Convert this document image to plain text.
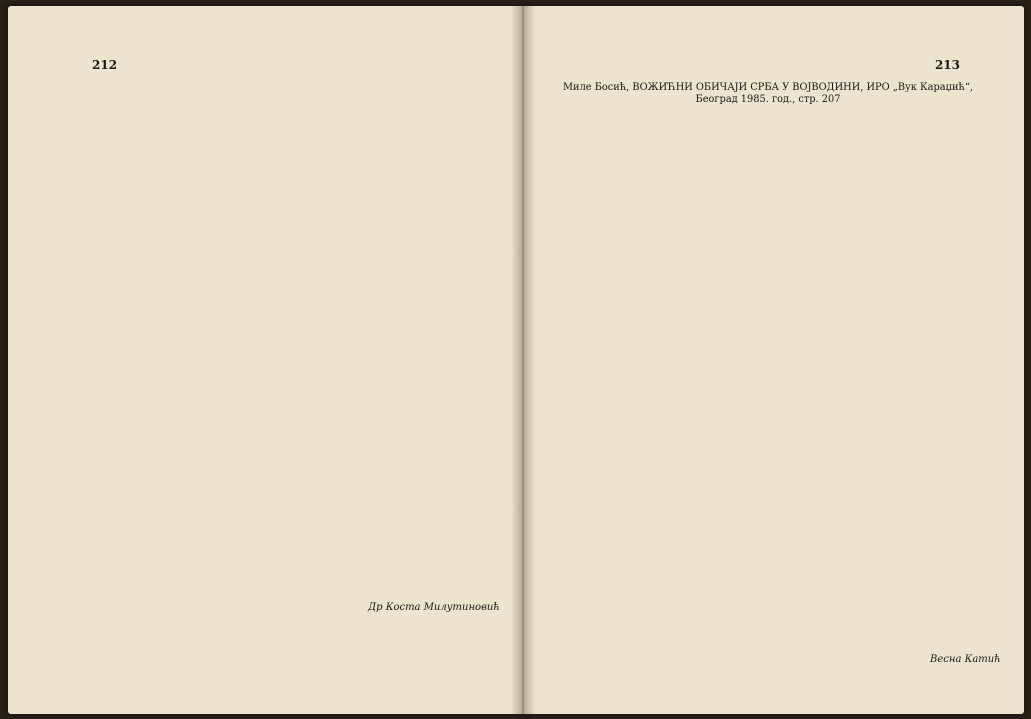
212
Др Коста Милутиновић
213
Миле Босић, ВОЖИЋНИ ОБИЧАЈИ СРБА У ВОЈВОДИНИ, ИРО „Вук Караџић“, Београд 1985. год., стр. 207
Весна Катић
